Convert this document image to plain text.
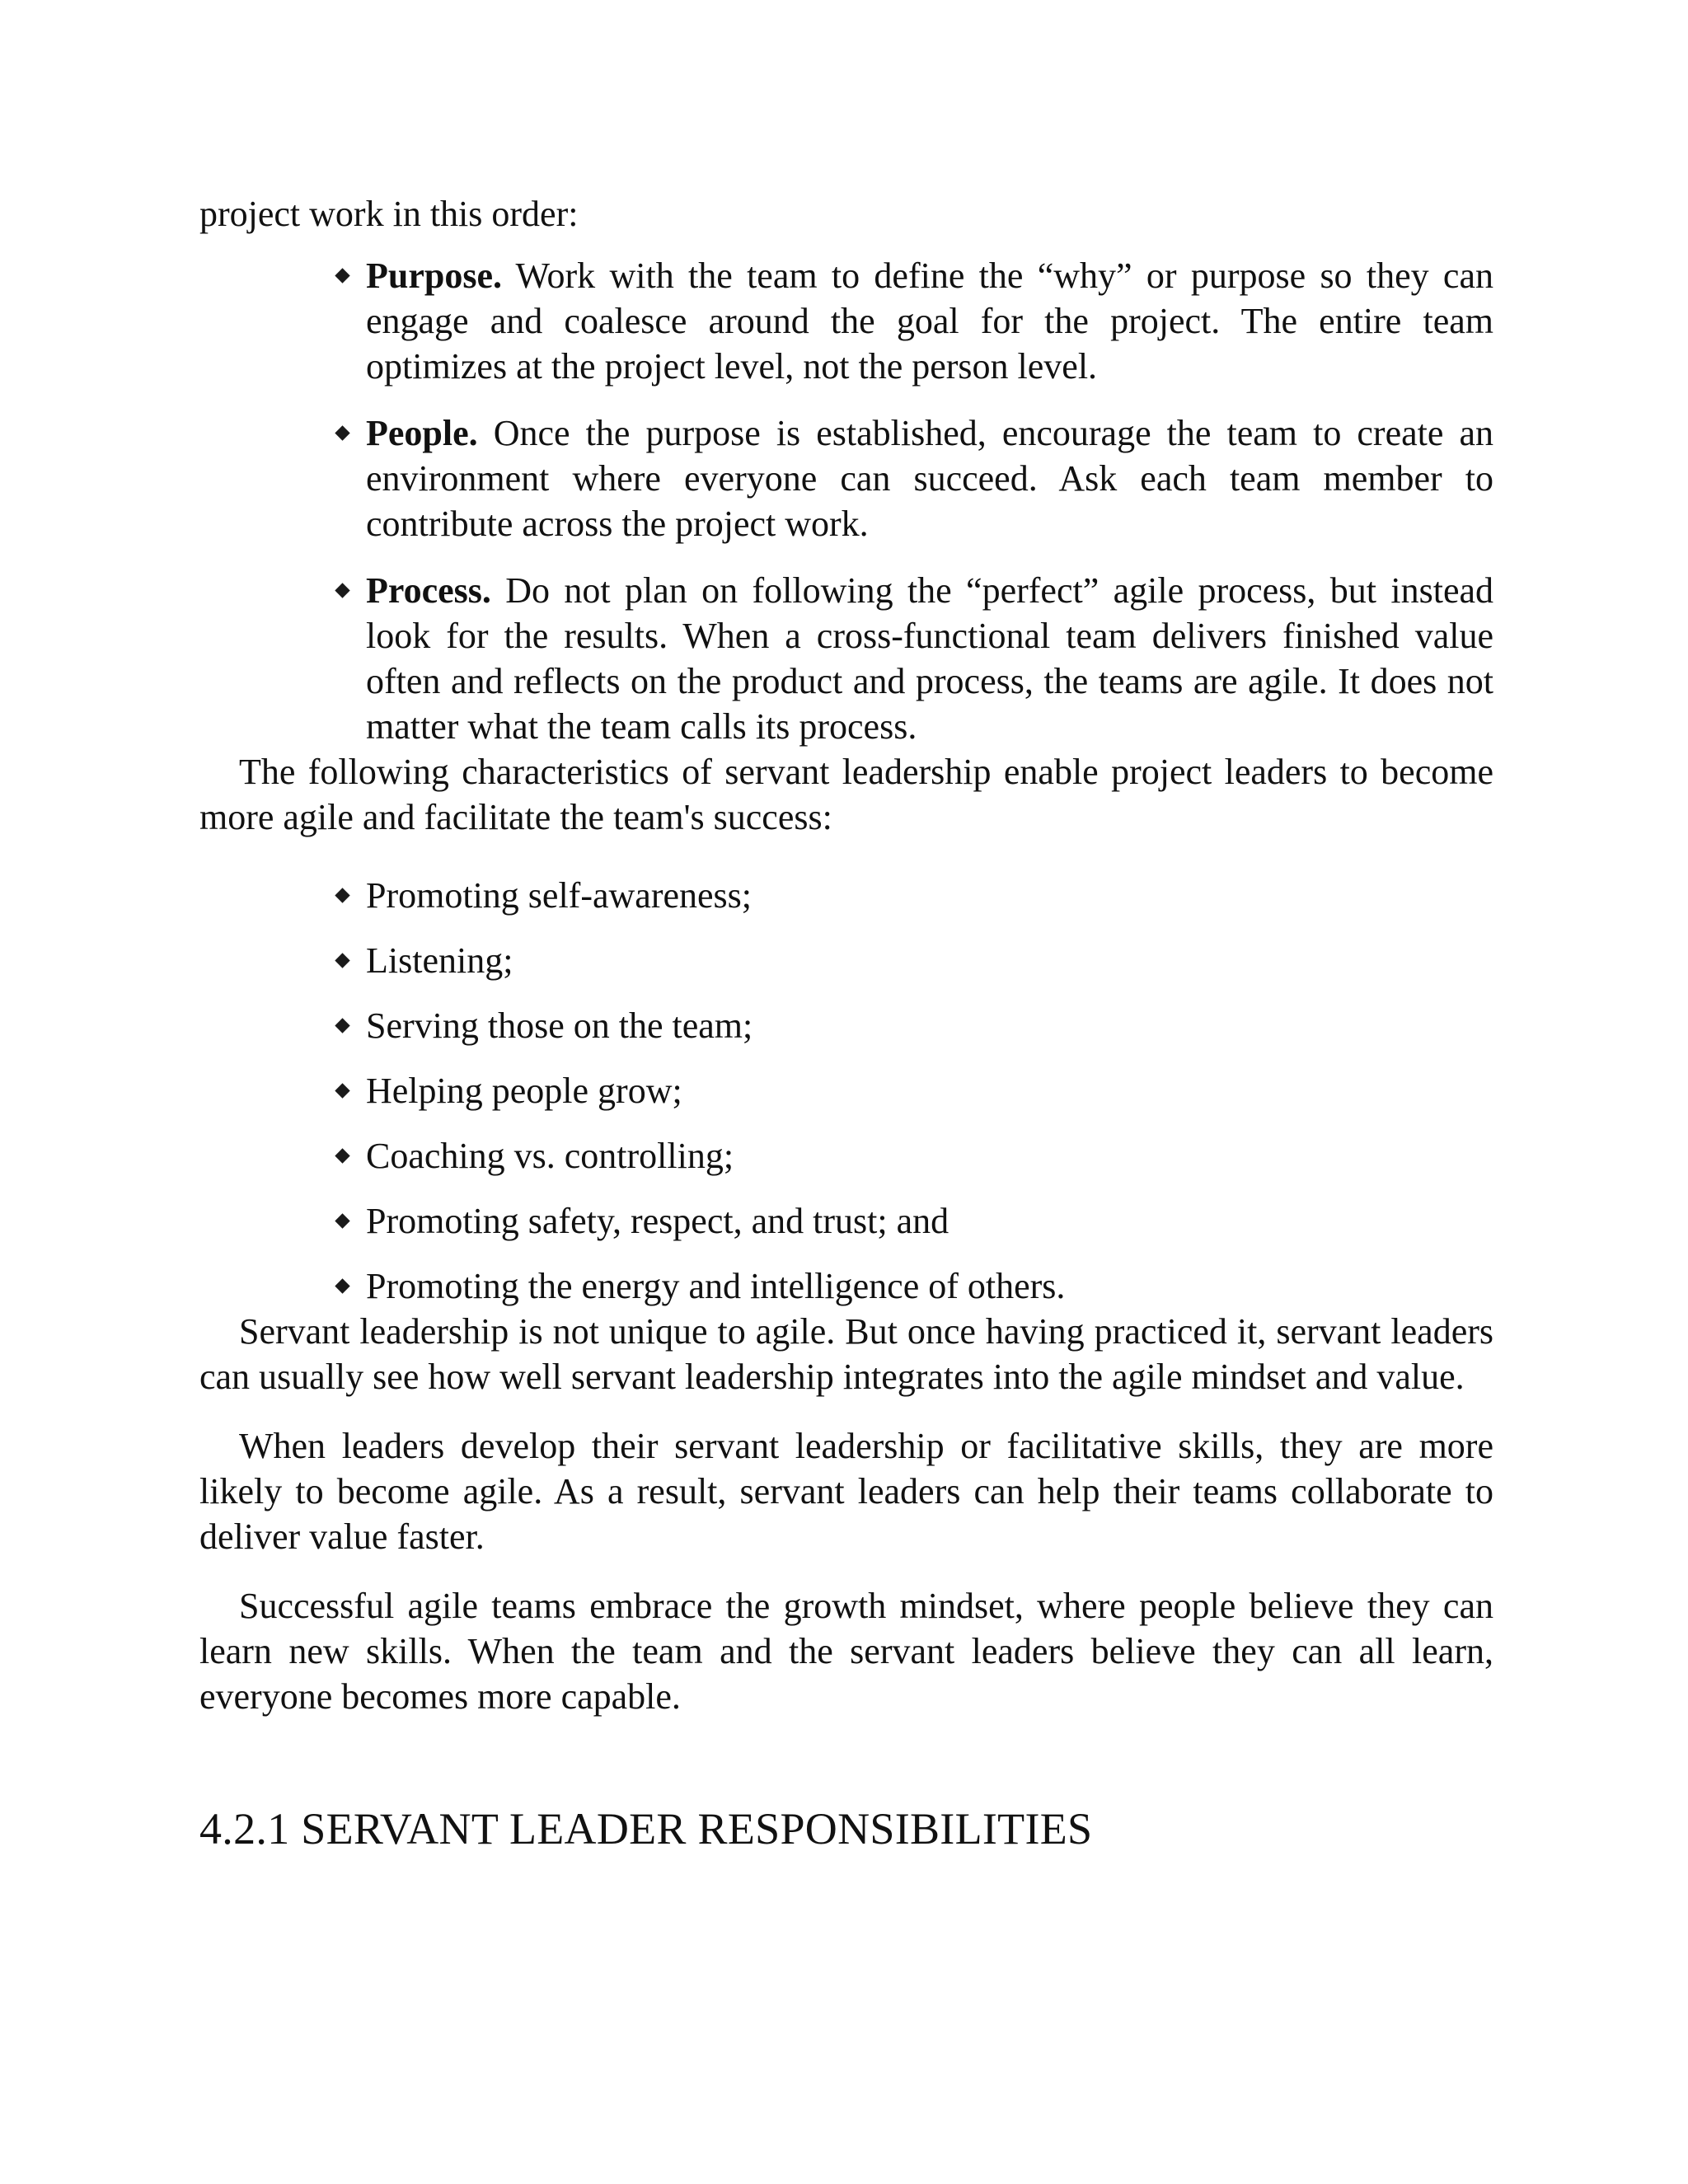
project work in this order:

Purpose. Work with the team to define the “why” or purpose so they can engage and coalesce around the goal for the project. The entire team optimizes at the project level, not the person level.
People. Once the purpose is established, encourage the team to create an environment where everyone can succeed. Ask each team member to contribute across the project work.
Process. Do not plan on following the “perfect” agile process, but instead look for the results. When a cross-functional team delivers finished value often and reflects on the product and process, the teams are agile. It does not matter what the team calls its process.

The following characteristics of servant leadership enable project leaders to become more agile and facilitate the team's success:

Promoting self-awareness;
Listening;
Serving those on the team;
Helping people grow;
Coaching vs. controlling;
Promoting safety, respect, and trust; and
Promoting the energy and intelligence of others.

Servant leadership is not unique to agile. But once having practiced it, servant leaders can usually see how well servant leadership integrates into the agile mindset and value.

When leaders develop their servant leadership or facilitative skills, they are more likely to become agile. As a result, servant leaders can help their teams collaborate to deliver value faster.

Successful agile teams embrace the growth mindset, where people believe they can learn new skills. When the team and the servant leaders believe they can all learn, everyone becomes more capable.

4.2.1 SERVANT LEADER RESPONSIBILITIES
